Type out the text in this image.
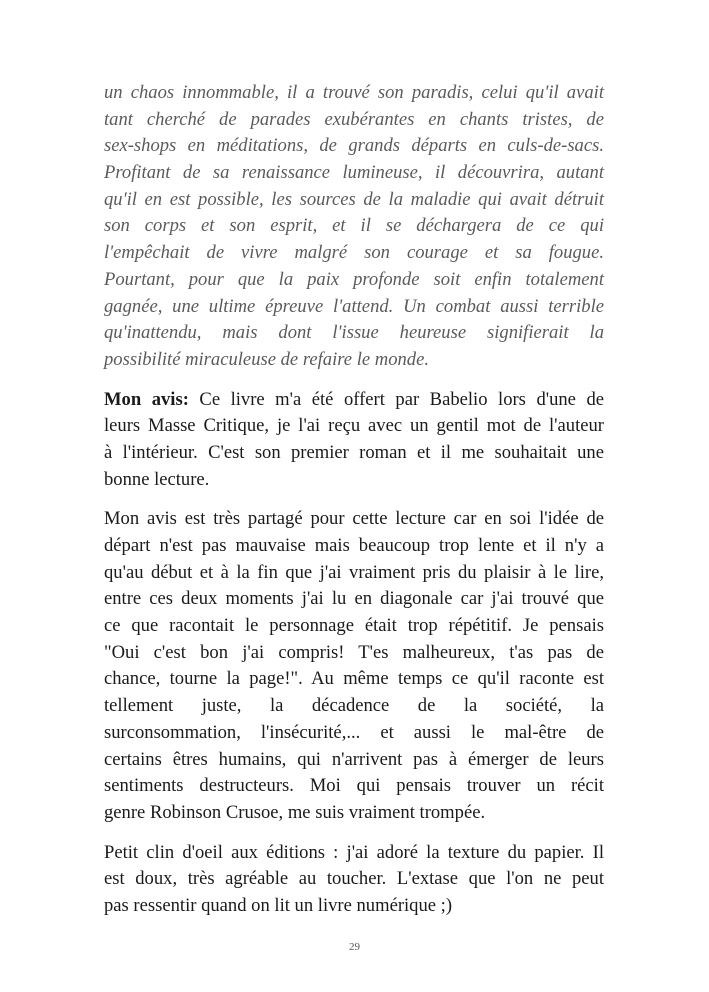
un chaos innommable, il a trouvé son paradis, celui qu'il avait
tant cherché de parades exubérantes en chants tristes, de
sex-shops en méditations, de grands départs en culs-de-sacs.
Profitant de sa renaissance lumineuse, il découvrira, autant
qu'il en est possible, les sources de la maladie qui avait détruit
son corps et son esprit, et il se déchargera de ce qui
l'empêchait de vivre malgré son courage et sa fougue.
Pourtant, pour que la paix profonde soit enfin totalement
gagnée, une ultime épreuve l'attend. Un combat aussi terrible
qu'inattendu, mais dont l'issue heureuse signifierait la
possibilité miraculeuse de refaire le monde.
Mon avis: Ce livre m'a été offert par Babelio lors d'une de
leurs Masse Critique, je l'ai reçu avec un gentil mot de l'auteur
à l'intérieur. C'est son premier roman et il me souhaitait une
bonne lecture.
Mon avis est très partagé pour cette lecture car en soi l'idée de
départ n'est pas mauvaise mais beaucoup trop lente et il n'y a
qu'au début et à la fin que j'ai vraiment pris du plaisir à le lire,
entre ces deux moments j'ai lu en diagonale car j'ai trouvé que
ce que racontait le personnage était trop répétitif. Je pensais
"Oui c'est bon j'ai compris! T'es malheureux, t'as pas de
chance, tourne la page!". Au même temps ce qu'il raconte est
tellement juste, la décadence de la société, la
surconsommation, l'insécurité,... et aussi le mal-être de
certains êtres humains, qui n'arrivent pas à émerger de leurs
sentiments destructeurs. Moi qui pensais trouver un récit
genre Robinson Crusoe, me suis vraiment trompée.
Petit clin d'oeil aux éditions : j'ai adoré la texture du papier. Il
est doux, très agréable au toucher. L'extase que l'on ne peut
pas ressentir quand on lit un livre numérique ;)
29
